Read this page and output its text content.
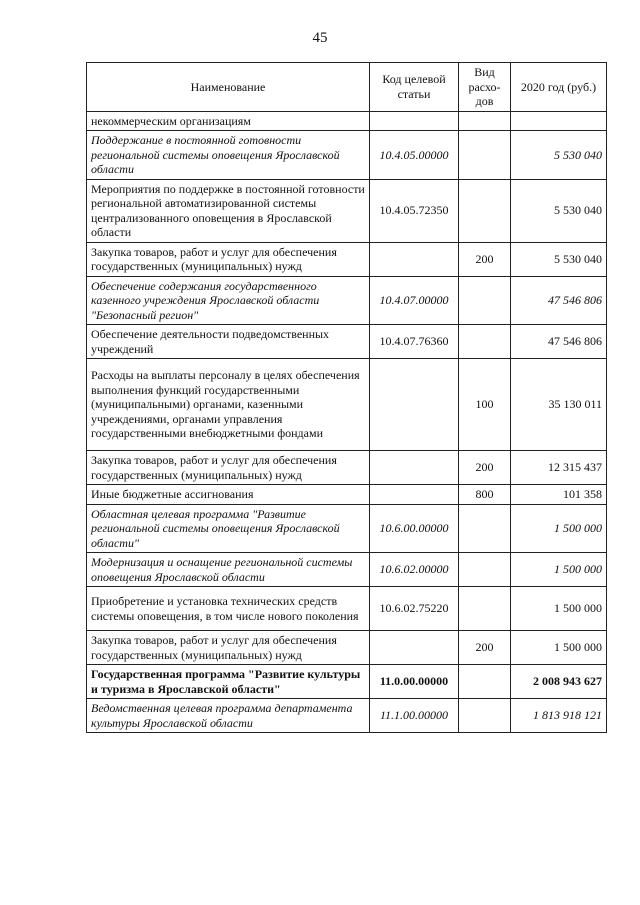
45
Наименование	Код целевой статьи	Вид расхо-дов	2020 год (руб.)
некоммерческим организациям			
Поддержание в постоянной готовности региональной системы оповещения Ярославской области	10.4.05.00000		5 530 040
Мероприятия по поддержке в постоянной готовности региональной автоматизированной системы централизованного оповещения в Ярославской области	10.4.05.72350		5 530 040
Закупка товаров, работ и услуг для обеспечения государственных (муниципальных) нужд		200	5 530 040
Обеспечение содержания государственного казенного учреждения Ярославской области "Безопасный регион"	10.4.07.00000		47 546 806
Обеспечение деятельности подведомственных учреждений	10.4.07.76360		47 546 806
Расходы на выплаты персоналу в целях обеспечения выполнения функций государственными (муниципальными) органами, казенными учреждениями, органами управления государственными внебюджетными фондами		100	35 130 011
Закупка товаров, работ и услуг для обеспечения государственных (муниципальных) нужд		200	12 315 437
Иные бюджетные ассигнования		800	101 358
Областная целевая программа "Развитие региональной системы оповещения Ярославской области"	10.6.00.00000		1 500 000
Модернизация и оснащение региональной системы оповещения Ярославской области	10.6.02.00000		1 500 000
Приобретение и установка технических средств системы оповещения, в том числе нового поколения	10.6.02.75220		1 500 000
Закупка товаров, работ и услуг для обеспечения государственных (муниципальных) нужд		200	1 500 000
Государственная программа "Развитие культуры и туризма в Ярославской области"	11.0.00.00000		2 008 943 627
Ведомственная целевая программа департамента культуры Ярославской области	11.1.00.00000		1 813 918 121
